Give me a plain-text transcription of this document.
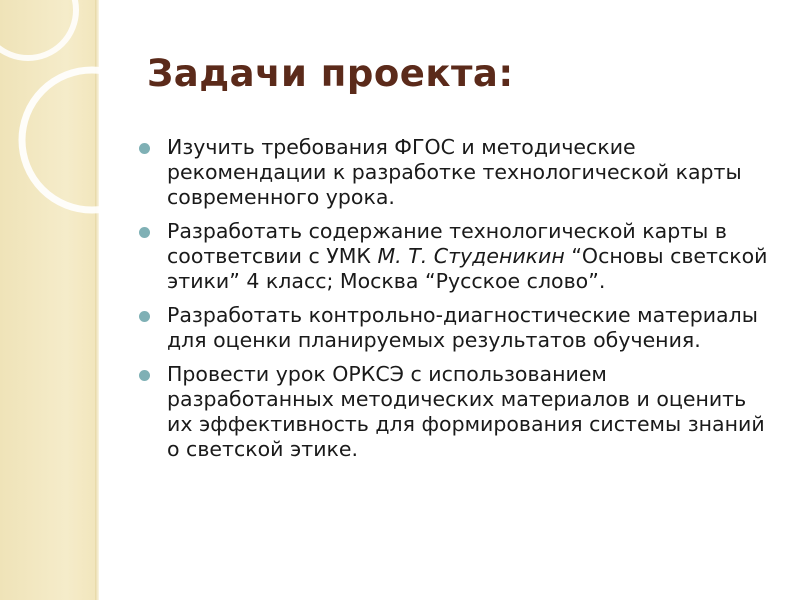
Задачи проекта:
Изучить требования ФГОС и методические рекомендации к разработке технологической карты современного урока.
Разработать содержание технологической карты в соответсвии с УМК М. Т. Студеникин “Основы светской этики” 4 класс; Москва “Русское слово”.
Разработать контрольно-диагностические материалы для оценки планируемых результатов обучения.
Провести урок ОРКСЭ с использованием разработанных методических материалов и оценить их эффективность для формирования системы знаний о светской этике.
